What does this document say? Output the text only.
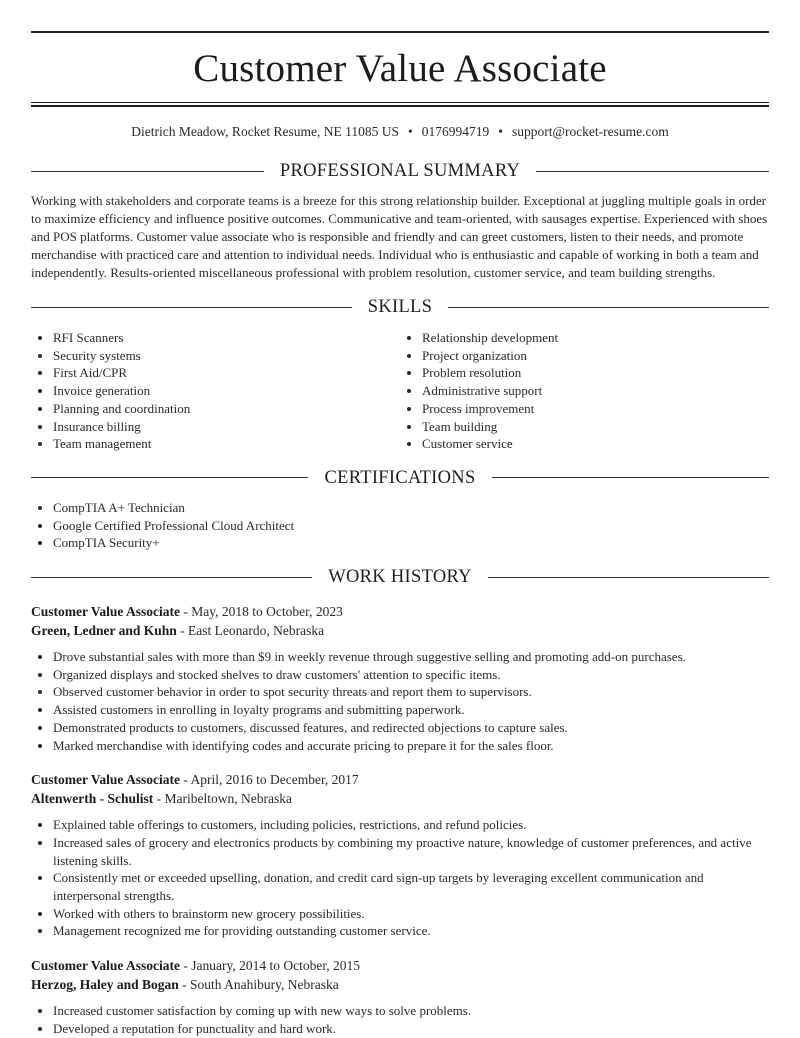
Customer Value Associate
Dietrich Meadow, Rocket Resume, NE 11085 US • 0176994719 • support@rocket-resume.com
PROFESSIONAL SUMMARY

Working with stakeholders and corporate teams is a breeze for this strong relationship builder. Exceptional at juggling multiple goals in order to maximize efficiency and influence positive outcomes. Communicative and team-oriented, with sausages expertise. Experienced with shoes and POS platforms. Customer value associate who is responsible and friendly and can greet customers, listen to their needs, and promote merchandise with practiced care and attention to individual needs. Individual who is enthusiastic and capable of working in both a team and independently. Results-oriented miscellaneous professional with problem resolution, customer service, and team building strengths.

SKILLS
• RFI Scanners
• Security systems
• First Aid/CPR
• Invoice generation
• Planning and coordination
• Insurance billing
• Team management
• Relationship development
• Project organization
• Problem resolution
• Administrative support
• Process improvement
• Team building
• Customer service
CERTIFICATIONS
• CompTIA A+ Technician
• Google Certified Professional Cloud Architect
• CompTIA Security+
WORK HISTORY
Customer Value Associate - May, 2018 to October, 2023
Green, Ledner and Kuhn - East Leonardo, Nebraska
• Drove substantial sales with more than $9 in weekly revenue through suggestive selling and promoting add-on purchases.
• Organized displays and stocked shelves to draw customers' attention to specific items.
• Observed customer behavior in order to spot security threats and report them to supervisors.
• Assisted customers in enrolling in loyalty programs and submitting paperwork.
• Demonstrated products to customers, discussed features, and redirected objections to capture sales.
• Marked merchandise with identifying codes and accurate pricing to prepare it for the sales floor.
Customer Value Associate - April, 2016 to December, 2017
Altenwerth - Schulist - Maribeltown, Nebraska
• Explained table offerings to customers, including policies, restrictions, and refund policies.
• Increased sales of grocery and electronics products by combining my proactive nature, knowledge of customer preferences, and active listening skills.
• Consistently met or exceeded upselling, donation, and credit card sign-up targets by leveraging excellent communication and interpersonal strengths.
• Worked with others to brainstorm new grocery possibilities.
• Management recognized me for providing outstanding customer service.
Customer Value Associate - January, 2014 to October, 2015
Herzog, Haley and Bogan - South Anahibury, Nebraska
• Increased customer satisfaction by coming up with new ways to solve problems.
• Developed a reputation for punctuality and hard work.
